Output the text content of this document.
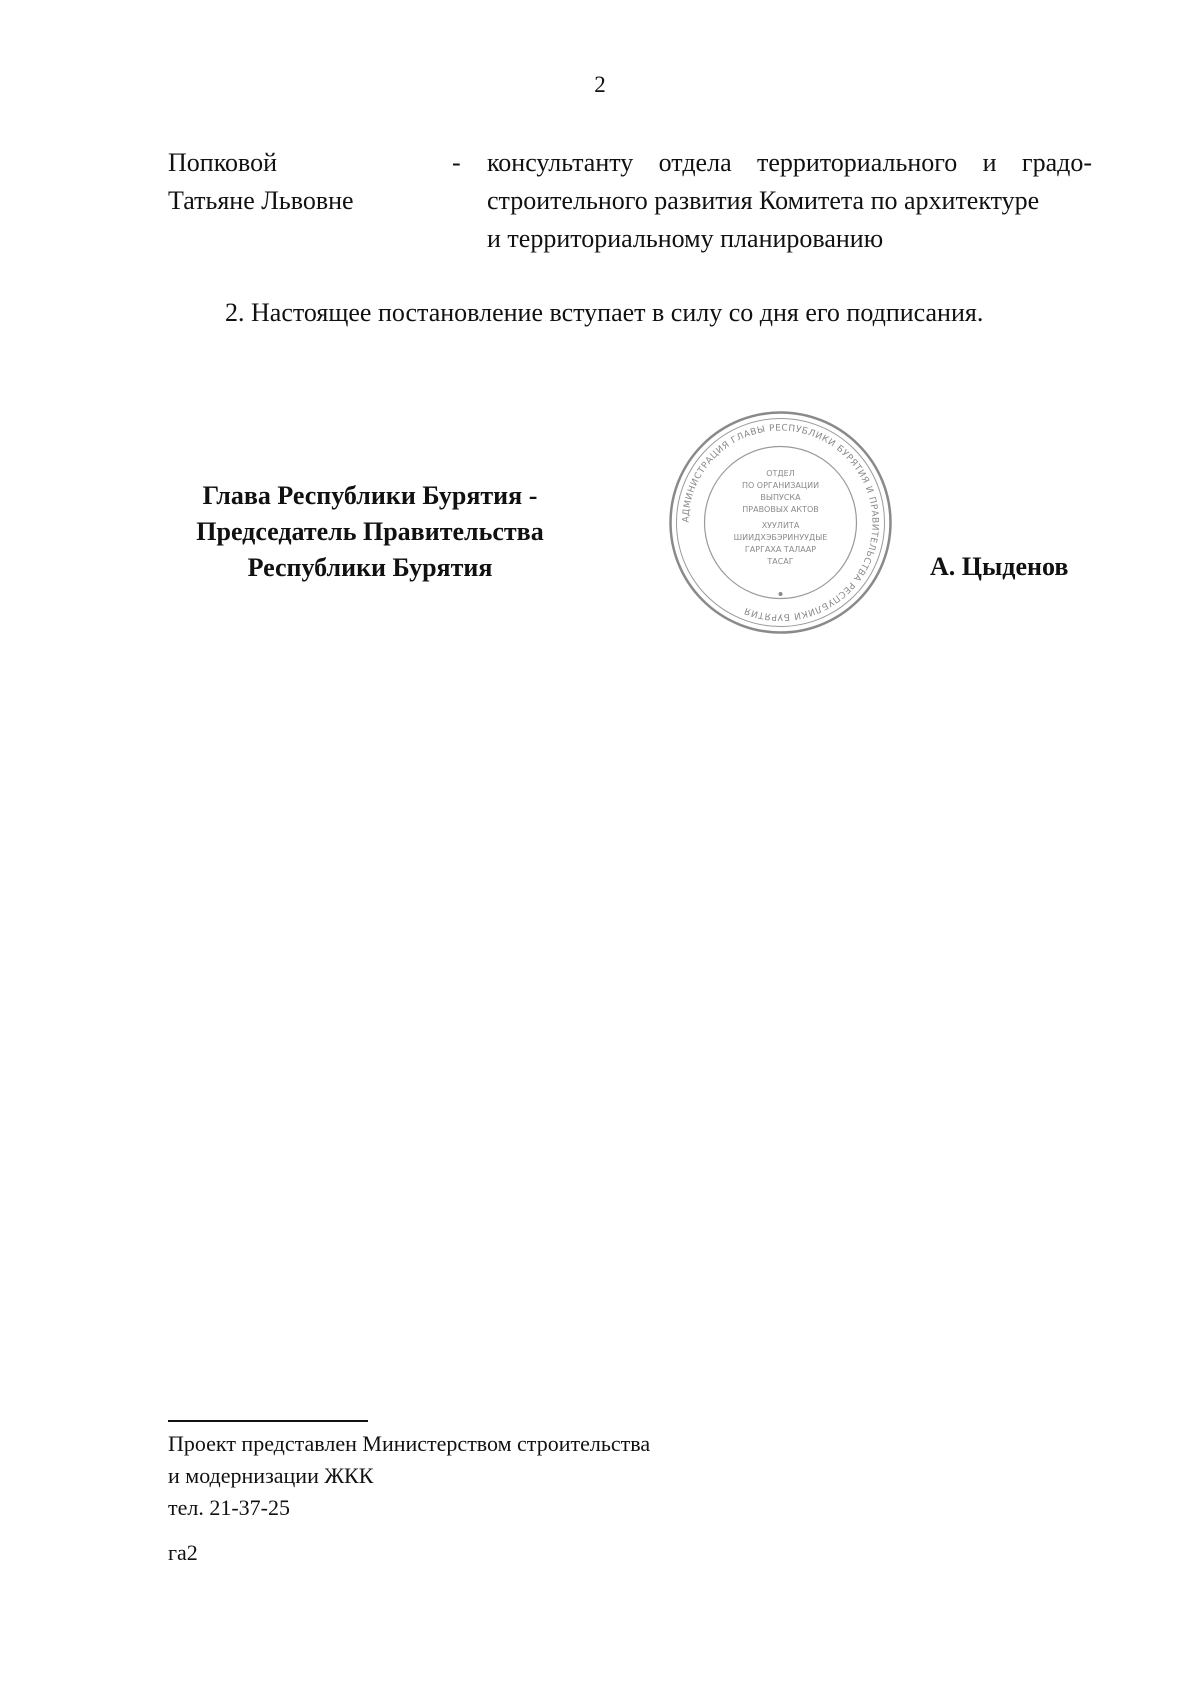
2
Попковой
Татьяне Львовне
- консультанту отдела территориального и градо-
строительного развития Комитета по архитектуре
и территориальному планированию
2. Настоящее постановление вступает в силу со дня его подписания.
Глава Республики Бурятия -
Председатель Правительства
Республики Бурятия
АДМИНИСТРАЦИЯ ГЛАВЫ РЕСПУБЛИКИ БУРЯТИЯ И ПРАВИТЕЛЬСТВА РЕСПУБЛИКИ БУРЯТИЯ
ОТДЕЛ
ПО ОРГАНИЗАЦИИ
ВЫПУСКА
ПРАВОВЫХ АКТОВ
ХУУЛИТА
ШИИДХЭБЭРИНУУДЫЕ
ГАРГАХА ТАЛААР
ТАСАГ	А. Цыденов
Проект представлен Министерством строительства
и модернизации ЖКК
тел. 21-37-25
га2
